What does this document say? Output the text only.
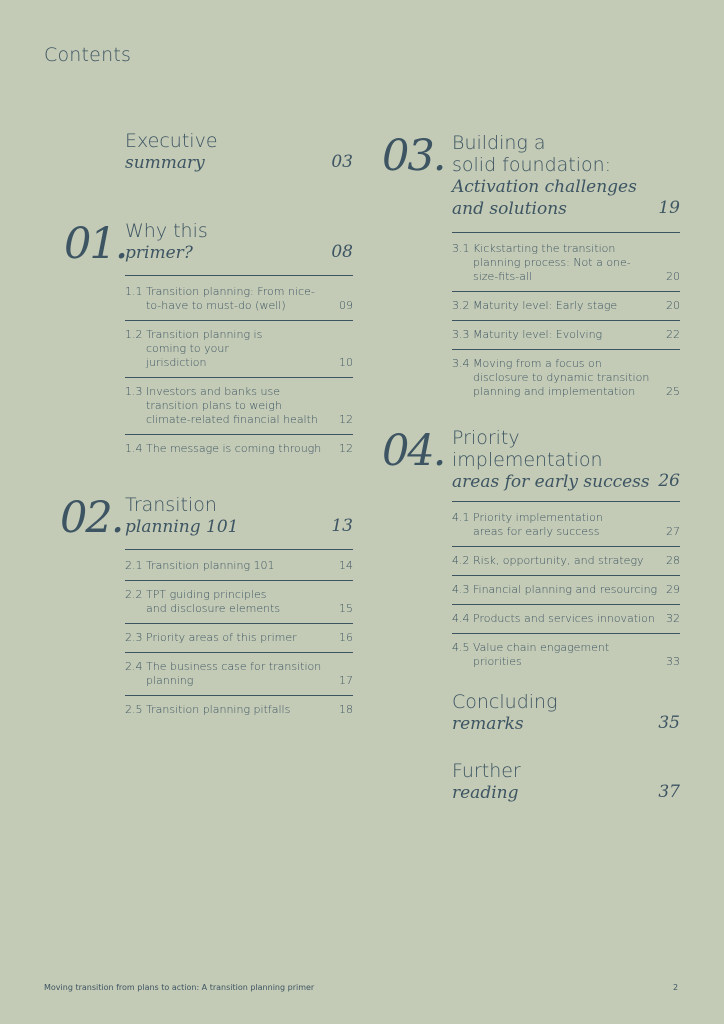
Contents
Executive
summary	03
01.
Why this
primer?	08
1.1 Transition planning: From nice-to-have to must-do (well)	09
1.2 Transition planning is coming to your jurisdiction	10
1.3 Investors and banks use transition plans to weigh climate-related financial health	12
1.4 The message is coming through	12
02. Transition
planning 101	13
2.1 Transition planning 101	14
2.2 TPT guiding principles and disclosure elements	15
2.3 Priority areas of this primer	16
2.4 The business case for transition planning	17
2.5 Transition planning pitfalls	18
03. Building a
solid foundation:
Activation challenges
and solutions	19
3.1 Kickstarting the transition planning process: Not a one-size-fits-all	20
3.2 Maturity level: Early stage	20
3.3 Maturity level: Evolving	22
3.4 Moving from a focus on disclosure to dynamic transition planning and implementation	25
04. Priority
implementation
areas for early success 26
4.1 Priority implementation areas for early success	27
4.2 Risk, opportunity, and strategy	28
4.3 Financial planning and resourcing 29
4.4 Products and services innovation	32
4.5 Value chain engagement priorities	33
Concluding
remarks	35
Further
reading	37
Moving transition from plans to action: A transition planning primer	2
